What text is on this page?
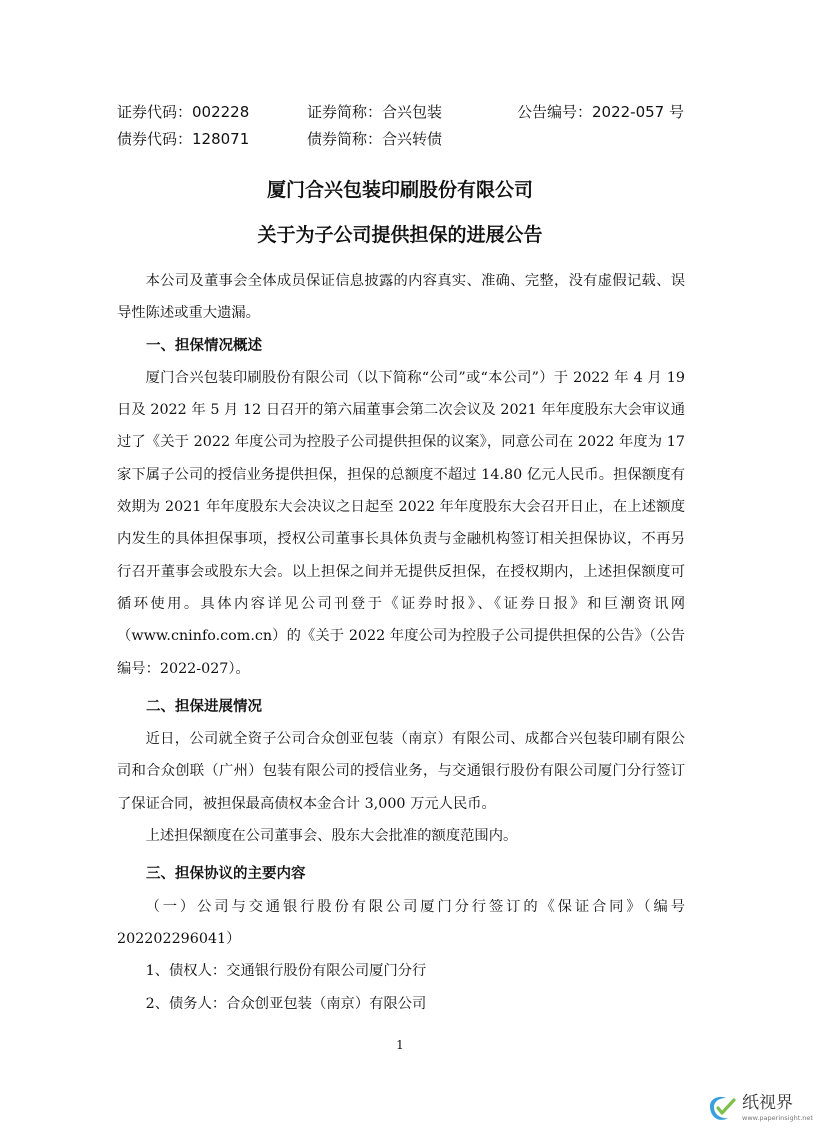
证券代码：002228	证券简称：合兴包装	公告编号：2022-057 号
债券代码：128071	债券简称：合兴转债
厦门合兴包装印刷股份有限公司
关于为子公司提供担保的进展公告

本公司及董事会全体成员保证信息披露的内容真实、准确、完整，没有虚假记载、误导性陈述或重大遗漏。

一、担保情况概述

厦门合兴包装印刷股份有限公司（以下简称“公司”或“本公司”）于 2022 年 4 月 19 日及 2022 年 5 月 12 日召开的第六届董事会第二次会议及 2021 年年度股东大会审议通过了《关于 2022 年度公司为控股子公司提供担保的议案》，同意公司在 2022 年度为 17 家下属子公司的授信业务提供担保，担保的总额度不超过 14.80 亿元人民币。担保额度有效期为 2021 年年度股东大会决议之日起至 2022 年年度股东大会召开日止，在上述额度内发生的具体担保事项，授权公司董事长具体负责与金融机构签订相关担保协议，不再另行召开董事会或股东大会。以上担保之间并无提供反担保，在授权期内，上述担保额度可循环使用。具体内容详见公司刊登于《证券时报》、《证券日报》和巨潮资讯网（www.cninfo.com.cn）的《关于 2022 年度公司为控股子公司提供担保的公告》（公告编号：2022-027）。

二、担保进展情况

近日，公司就全资子公司合众创亚包装（南京）有限公司、成都合兴包装印刷有限公司和合众创联（广州）包装有限公司的授信业务，与交通银行股份有限公司厦门分行签订了保证合同，被担保最高债权本金合计 3,000 万元人民币。

上述担保额度在公司董事会、股东大会批准的额度范围内。

三、担保协议的主要内容

（一）公司与交通银行股份有限公司厦门分行签订的《保证合同》（编号 202202296041）

1、债权人：交通银行股份有限公司厦门分行

2、债务人：合众创亚包装（南京）有限公司

1
纸视界
www.paperinsight.net
